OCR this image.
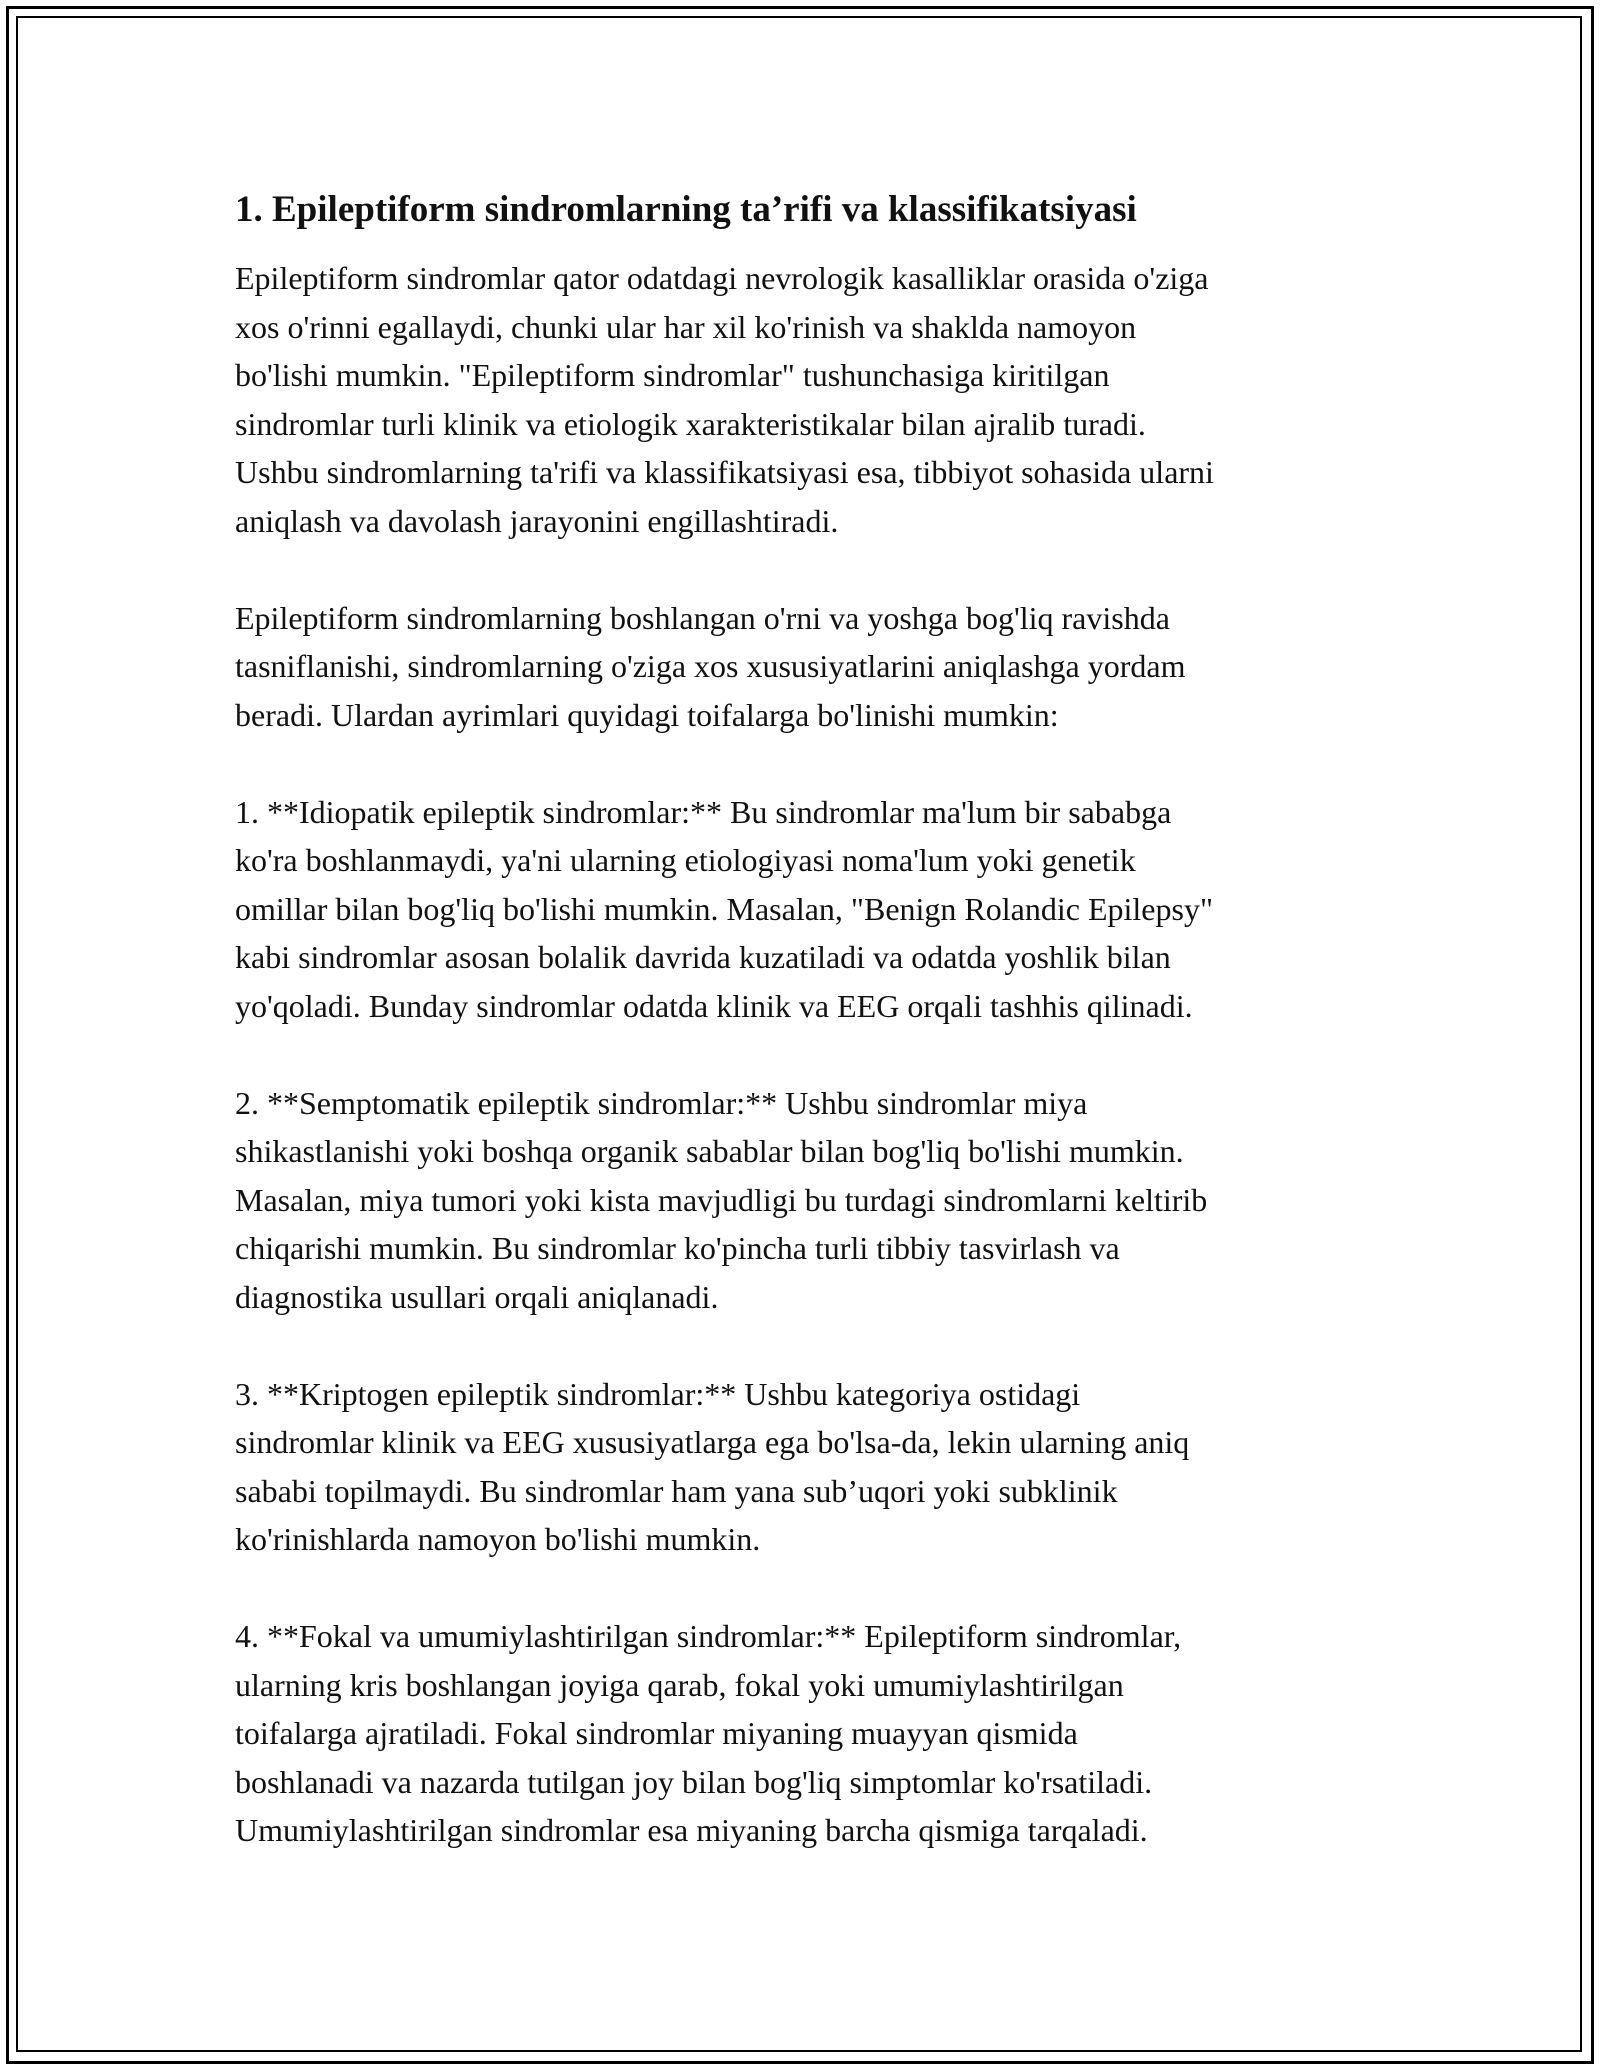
1. Epileptiform sindromlarning ta’rifi va klassifikatsiyasi

Epileptiform sindromlar qator odatdagi nevrologik kasalliklar orasida o'ziga
xos o'rinni egallaydi, chunki ular har xil ko'rinish va shaklda namoyon
bo'lishi mumkin. "Epileptiform sindromlar" tushunchasiga kiritilgan
sindromlar turli klinik va etiologik xarakteristikalar bilan ajralib turadi.
Ushbu sindromlarning ta'rifi va klassifikatsiyasi esa, tibbiyot sohasida ularni
aniqlash va davolash jarayonini engillashtiradi.

Epileptiform sindromlarning boshlangan o'rni va yoshga bog'liq ravishda
tasniflanishi, sindromlarning o'ziga xos xususiyatlarini aniqlashga yordam
beradi. Ulardan ayrimlari quyidagi toifalarga bo'linishi mumkin:

1. **Idiopatik epileptik sindromlar:** Bu sindromlar ma'lum bir sababga
ko'ra boshlanmaydi, ya'ni ularning etiologiyasi noma'lum yoki genetik
omillar bilan bog'liq bo'lishi mumkin. Masalan, "Benign Rolandic Epilepsy"
kabi sindromlar asosan bolalik davrida kuzatiladi va odatda yoshlik bilan
yo'qoladi. Bunday sindromlar odatda klinik va EEG orqali tashhis qilinadi.

2. **Semptomatik epileptik sindromlar:** Ushbu sindromlar miya
shikastlanishi yoki boshqa organik sabablar bilan bog'liq bo'lishi mumkin.
Masalan, miya tumori yoki kista mavjudligi bu turdagi sindromlarni keltirib
chiqarishi mumkin. Bu sindromlar ko'pincha turli tibbiy tasvirlash va
diagnostika usullari orqali aniqlanadi.

3. **Kriptogen epileptik sindromlar:** Ushbu kategoriya ostidagi
sindromlar klinik va EEG xususiyatlarga ega bo'lsa-da, lekin ularning aniq
sababi topilmaydi. Bu sindromlar ham yana sub’uqori yoki subklinik
ko'rinishlarda namoyon bo'lishi mumkin.

4. **Fokal va umumiylashtirilgan sindromlar:** Epileptiform sindromlar,
ularning kris boshlangan joyiga qarab, fokal yoki umumiylashtirilgan
toifalarga ajratiladi. Fokal sindromlar miyaning muayyan qismida
boshlanadi va nazarda tutilgan joy bilan bog'liq simptomlar ko'rsatiladi.
Umumiylashtirilgan sindromlar esa miyaning barcha qismiga tarqaladi.
